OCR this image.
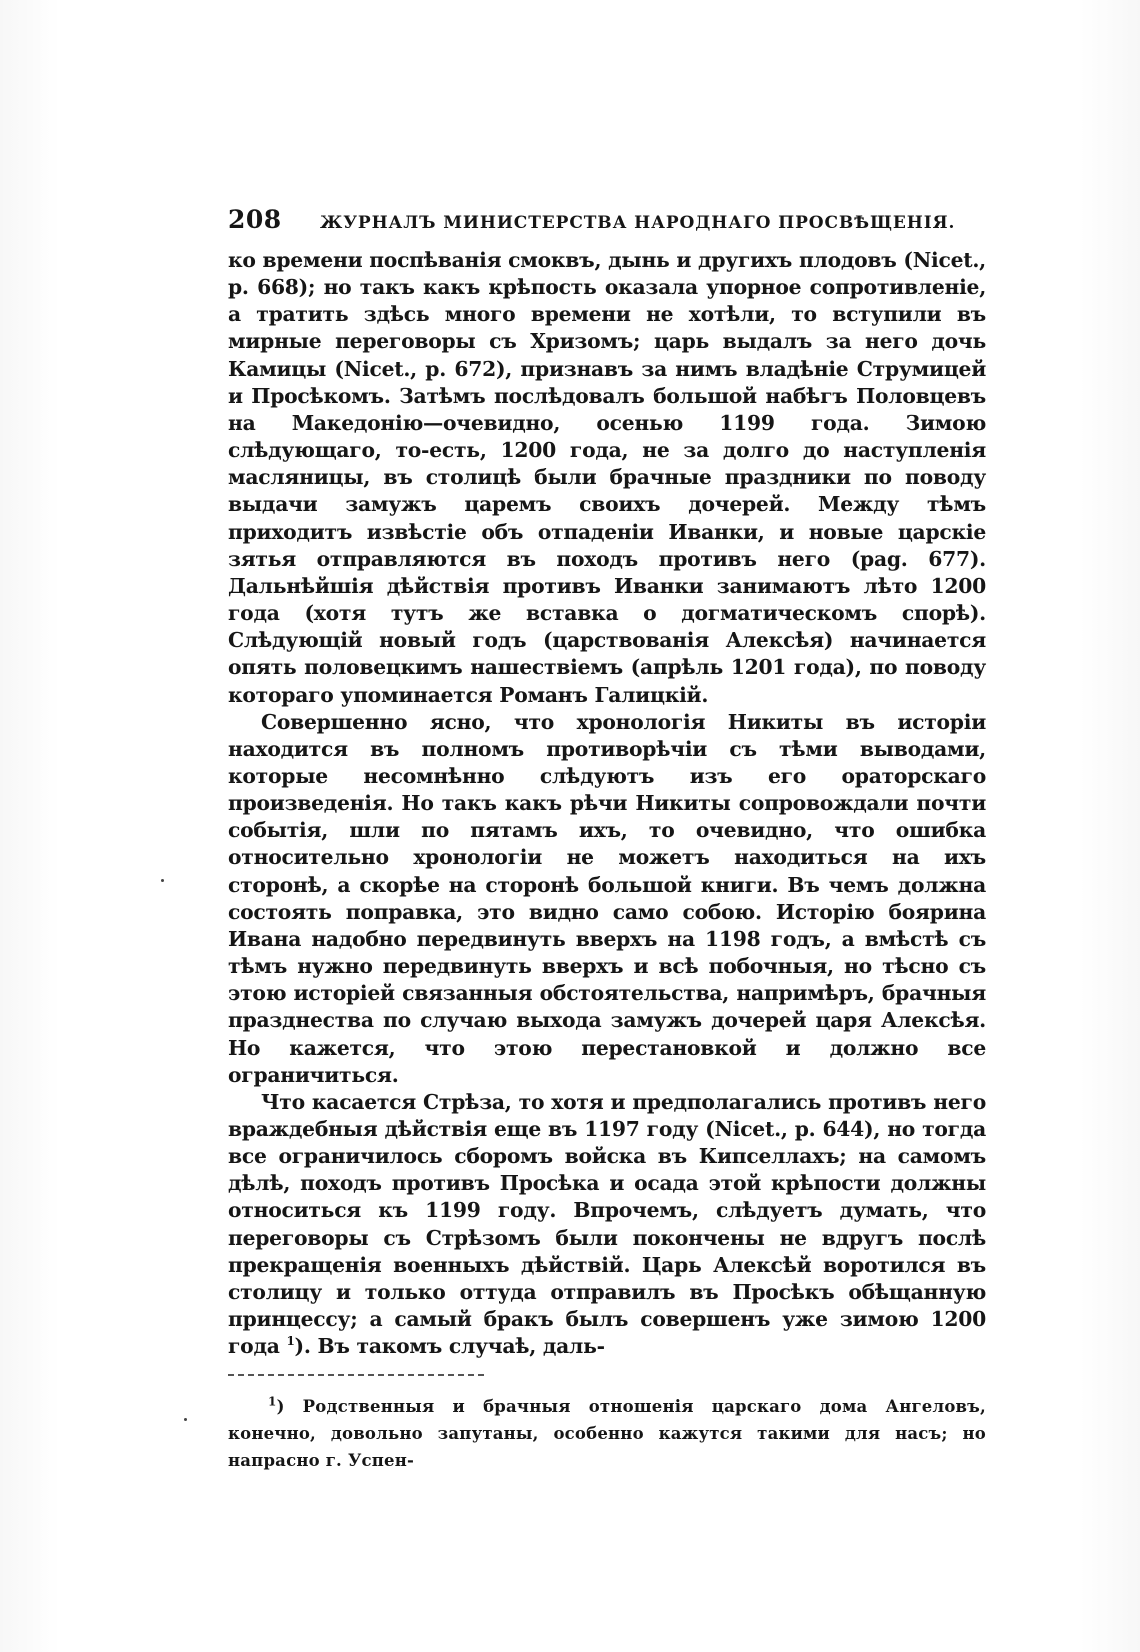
208	ЖУРНАЛЪ МИНИСТЕРСТВА НАРОДНАГО ПРОСВѢЩЕНІЯ.

ко времени поспѣванія смоквъ, дынь и другихъ плодовъ (Nicet., p. 668); но такъ какъ крѣпость оказала упорное сопротивленіе, а тратить здѣсь много времени не хотѣли, то вступили въ мирные переговоры съ Хризомъ; царь выдалъ за него дочь Камицы (Nicet., p. 672), признавъ за нимъ владѣніе Струмицей и Просѣкомъ. Затѣмъ послѣдовалъ большой набѣгъ Половцевъ на Македонію—очевидно, осенью 1199 года. Зимою слѣдующаго, то-есть, 1200 года, не за долго до наступленія масляницы, въ столицѣ были брачные праздники по поводу выдачи замужъ царемъ своихъ дочерей. Между тѣмъ приходитъ извѣстіе объ отпаденіи Иванки, и новые царскіе зятья отправляются въ походъ противъ него (pag. 677). Дальнѣйшія дѣйствія противъ Иванки занимаютъ лѣто 1200 года (хотя тутъ же вставка о догматическомъ спорѣ). Слѣдующій новый годъ (царствованія Алексѣя) начинается опять половецкимъ нашествіемъ (апрѣль 1201 года), по поводу котораго упоминается Романъ Галицкій.

Совершенно ясно, что хронологія Никиты въ исторіи находится въ полномъ противорѣчіи съ тѣми выводами, которые несомнѣнно слѣдуютъ изъ его ораторскаго произведенія. Но такъ какъ рѣчи Никиты сопровождали почти событія, шли по пятамъ ихъ, то очевидно, что ошибка относительно хронологіи не можетъ находиться на ихъ сторонѣ, а скорѣе на сторонѣ большой книги. Въ чемъ должна состоять поправка, это видно само собою. Исторію боярина Ивана надобно передвинуть вверхъ на 1198 годъ, а вмѣстѣ съ тѣмъ нужно передвинуть вверхъ и всѣ побочныя, но тѣсно съ этою исторіей связанныя обстоятельства, напримѣръ, брачныя празднества по случаю выхода замужъ дочерей царя Алексѣя. Но кажется, что этою перестановкой и должно все ограничиться.

Что касается Стрѣза, то хотя и предполагались противъ него враждебныя дѣйствія еще въ 1197 году (Nicet., p. 644), но тогда все ограничилось сборомъ войска въ Кипселлахъ; на самомъ дѣлѣ, походъ противъ Просѣка и осада этой крѣпости должны относиться къ 1199 году. Впрочемъ, слѣдуетъ думать, что переговоры съ Стрѣзомъ были покончены не вдругъ послѣ прекращенія военныхъ дѣйствій. Царь Алексѣй воротился въ столицу и только оттуда отправилъ въ Просѣкъ обѣщанную принцессу; а самый бракъ былъ совершенъ уже зимою 1200 года $^1$). Въ такомъ случаѣ, даль-

$^1$) Родственныя и брачныя отношенія царскаго дома Ангеловъ, конечно, довольно запутаны, особенно кажутся такими для насъ; но напрасно г. Успен-
